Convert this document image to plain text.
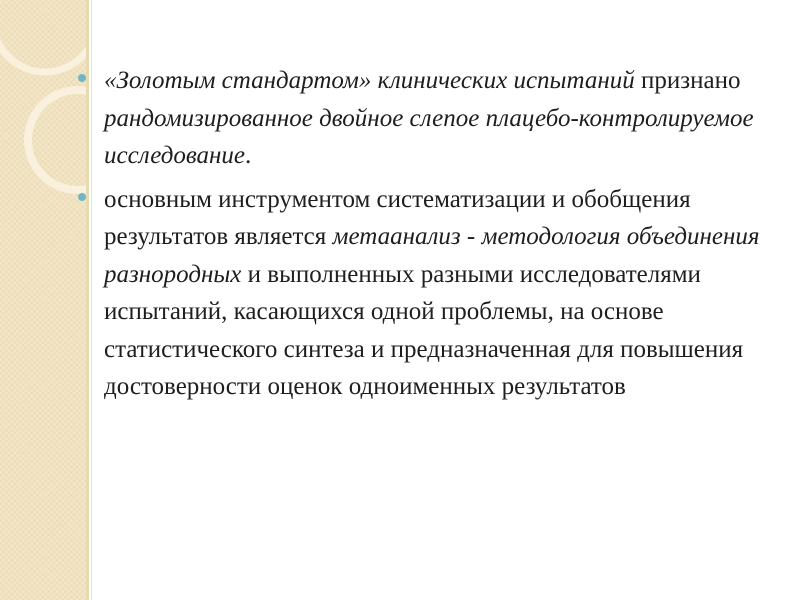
«Золотым стандартом» клинических испытаний признано рандомизированное двойное слепое плацебо-контролируемое исследование.
основным инструментом систематизации и обобщения результатов является метаанализ - методология объединения разнородных и выполненных разными исследователями испытаний, касающихся одной проблемы, на основе статистического синтеза и предназначенная для повышения достоверности оценок одноименных результатов
